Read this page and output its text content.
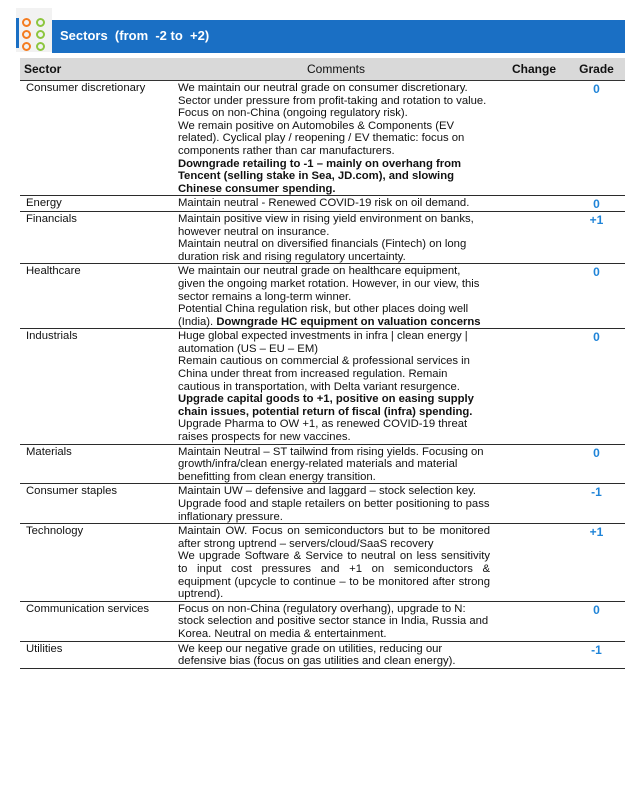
Sectors  (from  -2 to  +2)
Sector	Comments	Change	Grade
Consumer discretionary	We maintain our neutral grade on consumer discretionary. Sector under pressure from profit-taking and rotation to value. Focus on non-China (ongoing regulatory risk).
We remain positive on Automobiles & Components (EV related). Cyclical play / reopening / EV thematic: focus on components rather than car manufacturers.
Downgrade retailing to -1 – mainly on overhang from Tencent (selling stake in Sea, JD.com), and slowing Chinese consumer spending.		0
Energy	Maintain neutral - Renewed COVID-19 risk on oil demand.		0
Financials	Maintain positive view in rising yield environment on banks, however neutral on insurance.
Maintain neutral on diversified financials (Fintech) on long duration risk and rising regulatory uncertainty.		+1
Healthcare	We maintain our neutral grade on healthcare equipment, given the ongoing market rotation. However, in our view, this sector remains a long-term winner.
Potential China regulation risk, but other places doing well (India). Downgrade HC equipment on valuation concerns		0
Industrials	Huge global expected investments in infra | clean energy | automation (US – EU – EM)
Remain cautious on commercial & professional services in China under threat from increased regulation. Remain cautious in transportation, with Delta variant resurgence.
Upgrade capital goods to +1, positive on easing supply chain issues, potential return of fiscal (infra) spending.
Upgrade Pharma to OW +1, as renewed COVID-19 threat raises prospects for new vaccines.		0
Materials	Maintain Neutral – ST tailwind from rising yields. Focusing on growth/infra/clean energy-related materials and material benefitting from clean energy transition.		0
Consumer staples	Maintain UW – defensive and laggard – stock selection key.
Upgrade food and staple retailers on better positioning to pass inflationary pressure.		-1
Technology	Maintain OW. Focus on semiconductors but to be monitored after strong uptrend – servers/cloud/SaaS recovery
We upgrade Software & Service to neutral on less sensitivity to input cost pressures and +1 on semiconductors & equipment (upcycle to continue – to be monitored after strong uptrend).		+1
Communication services	Focus on non-China (regulatory overhang), upgrade to N: stock selection and positive sector stance in India, Russia and Korea. Neutral on media & entertainment.		0
Utilities	We keep our negative grade on utilities, reducing our defensive bias (focus on gas utilities and clean energy).		-1
